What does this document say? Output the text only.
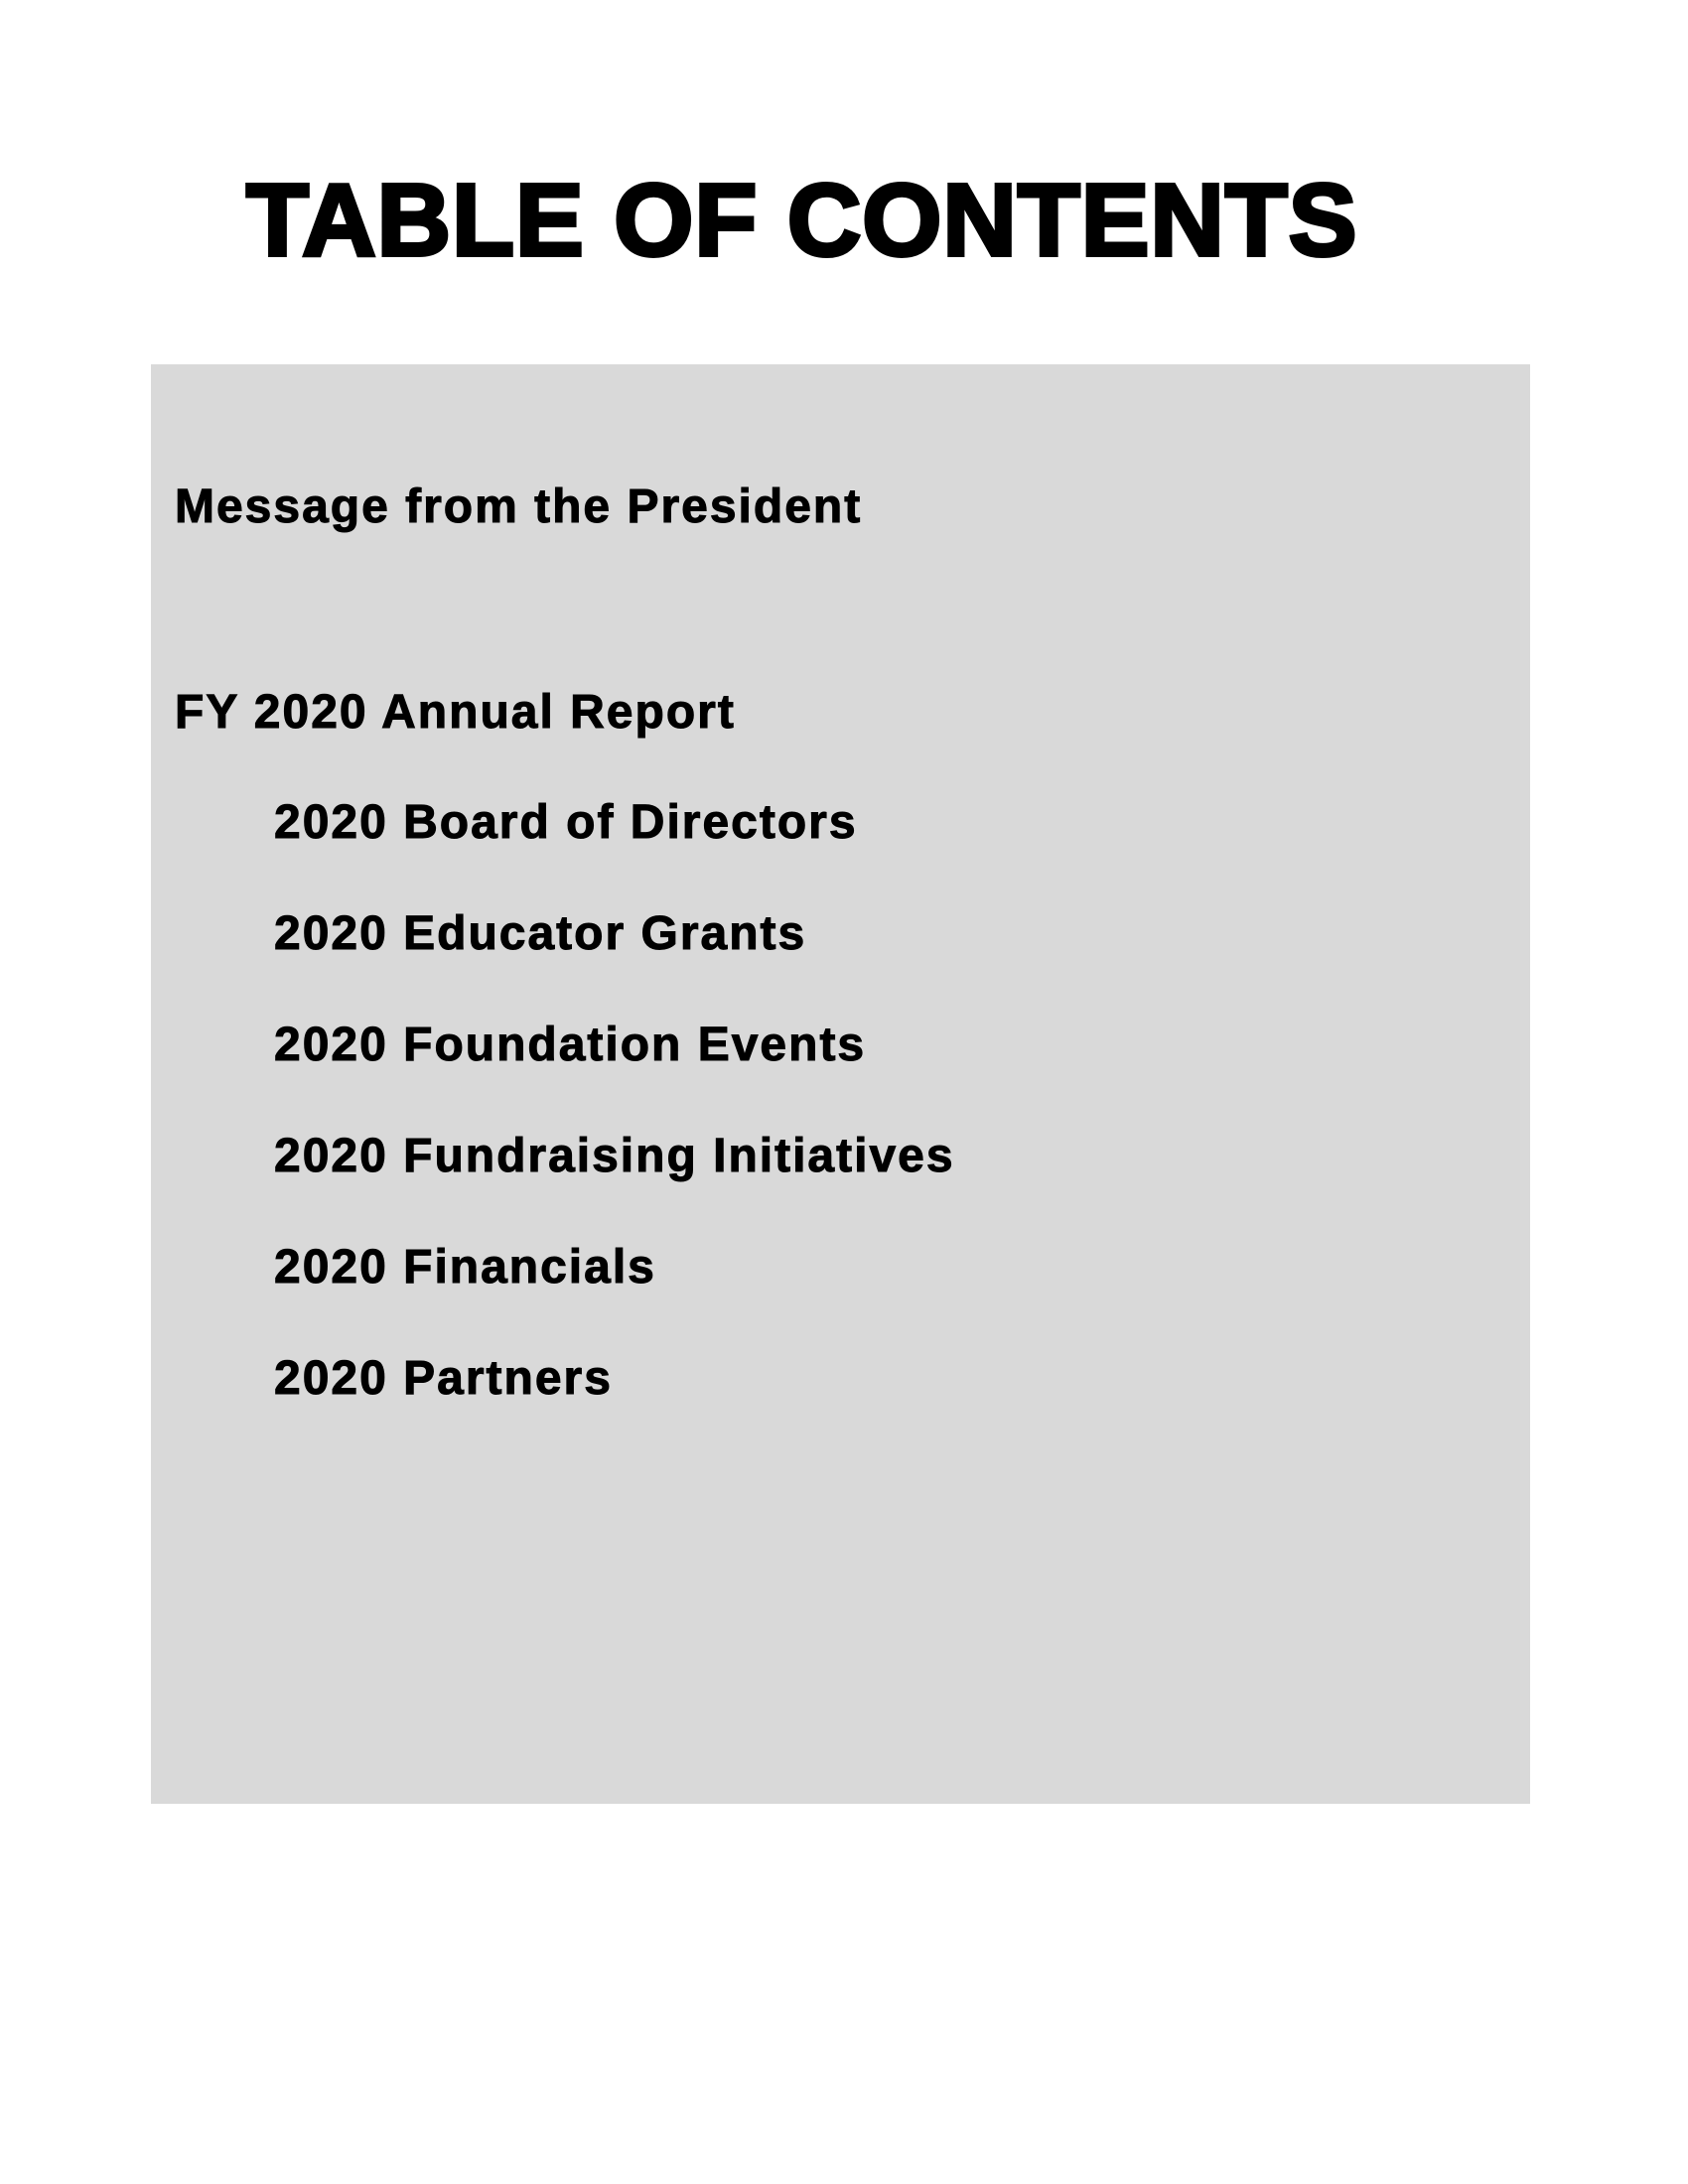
TABLE OF CONTENTS

Message from the President

FY 2020 Annual Report

2020 Board of Directors

2020 Educator Grants

2020 Foundation Events

2020 Fundraising Initiatives

2020 Financials

2020 Partners
